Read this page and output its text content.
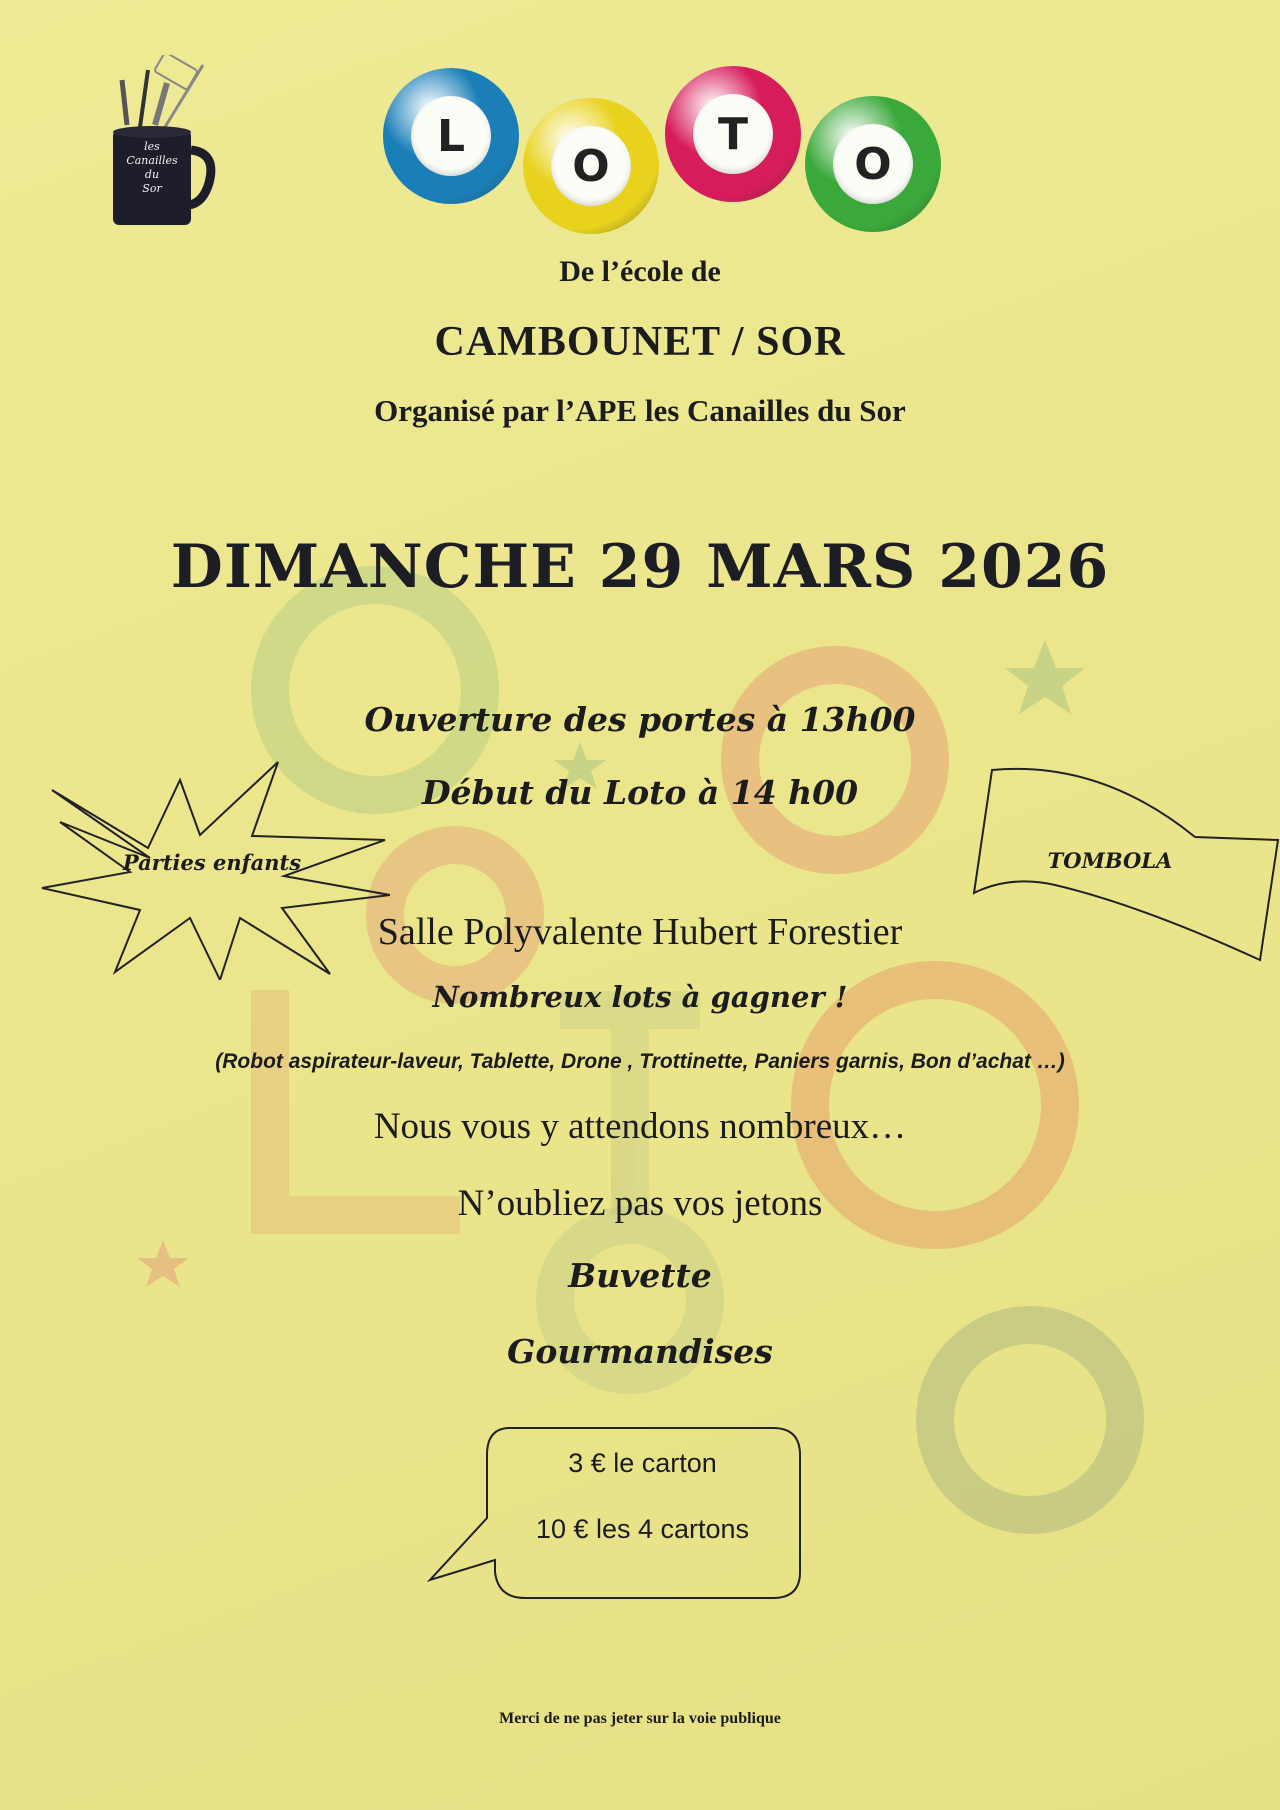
les
Canailles
du
Sor
L
O
T
O
De l’école de
CAMBOUNET / SOR
Organisé par l’APE les Canailles du Sor
DIMANCHE 29 MARS 2026
Ouverture des portes à 13h00
Début du Loto à 14 h00
Parties enfants	TOMBOLA
Salle Polyvalente Hubert Forestier
Nombreux lots à gagner !
(Robot aspirateur-laveur, Tablette, Drone , Trottinette, Paniers garnis, Bon d’achat …)
Nous vous y attendons nombreux…
N’oubliez pas vos jetons
Buvette
Gourmandises
3 € le carton
10 € les 4 cartons
Merci de ne pas jeter sur la voie publique
